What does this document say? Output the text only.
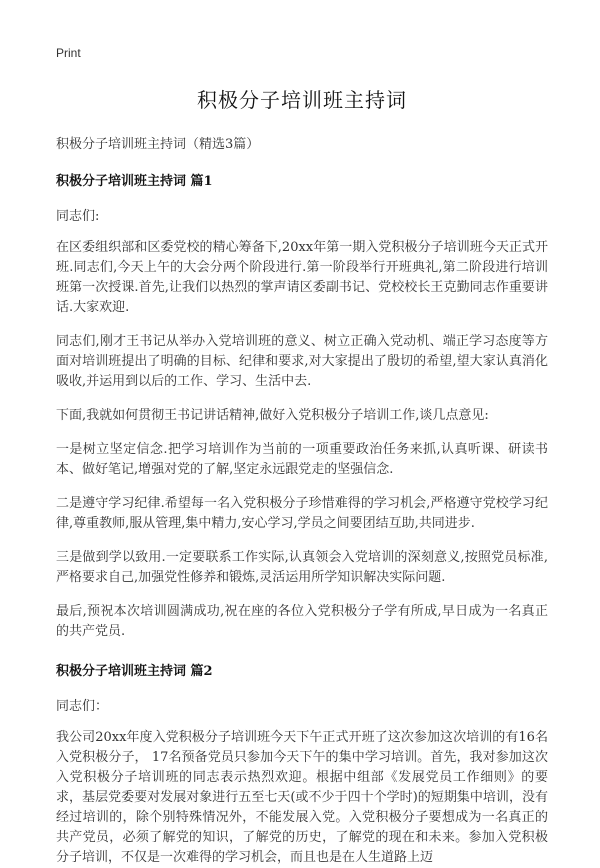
Print
积极分子培训班主持词

积极分子培训班主持词（精选3篇）

积极分子培训班主持词 篇1

同志们:

在区委组织部和区委党校的精心筹备下,20xx年第一期入党积极分子培训班今天正式开班.同志们,今天上午的大会分两个阶段进行.第一阶段举行开班典礼,第二阶段进行培训班第一次授课.首先,让我们以热烈的掌声请区委副书记、党校校长王克勤同志作重要讲话.大家欢迎.

同志们,刚才王书记从举办入党培训班的意义、树立正确入党动机、端正学习态度等方面对培训班提出了明确的目标、纪律和要求,对大家提出了殷切的希望,望大家认真消化吸收,并运用到以后的工作、学习、生活中去.

下面,我就如何贯彻王书记讲话精神,做好入党积极分子培训工作,谈几点意见:

一是树立坚定信念.把学习培训作为当前的一项重要政治任务来抓,认真听课、研读书本、做好笔记,增强对党的了解,坚定永远跟党走的坚强信念.

二是遵守学习纪律.希望每一名入党积极分子珍惜难得的学习机会,严格遵守党校学习纪律,尊重教师,服从管理,集中精力,安心学习,学员之间要团结互助,共同进步.

三是做到学以致用.一定要联系工作实际,认真领会入党培训的深刻意义,按照党员标准,严格要求自己,加强党性修养和锻炼,灵活运用所学知识解决实际问题.

最后,预祝本次培训圆满成功,祝在座的各位入党积极分子学有所成,早日成为一名真正的共产党员.

积极分子培训班主持词 篇2

同志们：

我公司20xx年度入党积极分子培训班今天下午正式开班了这次参加这次培训的有16名入党积极分子， 17名预备党员只参加今天下午的集中学习培训。首先，我对参加这次入党积极分子培训班的同志表示热烈欢迎。根据中组部《发展党员工作细则》的要求，基层党委要对发展对象进行五至七天(或不少于四十个学时)的短期集中培训，没有经过培训的，除个别特殊情况外，不能发展入党。入党积极分子要想成为一名真正的共产党员，必须了解党的知识，了解党的历史，了解党的现在和未来。参加入党积极分子培训，不仅是一次难得的学习机会，而且也是在人生道路上迈
